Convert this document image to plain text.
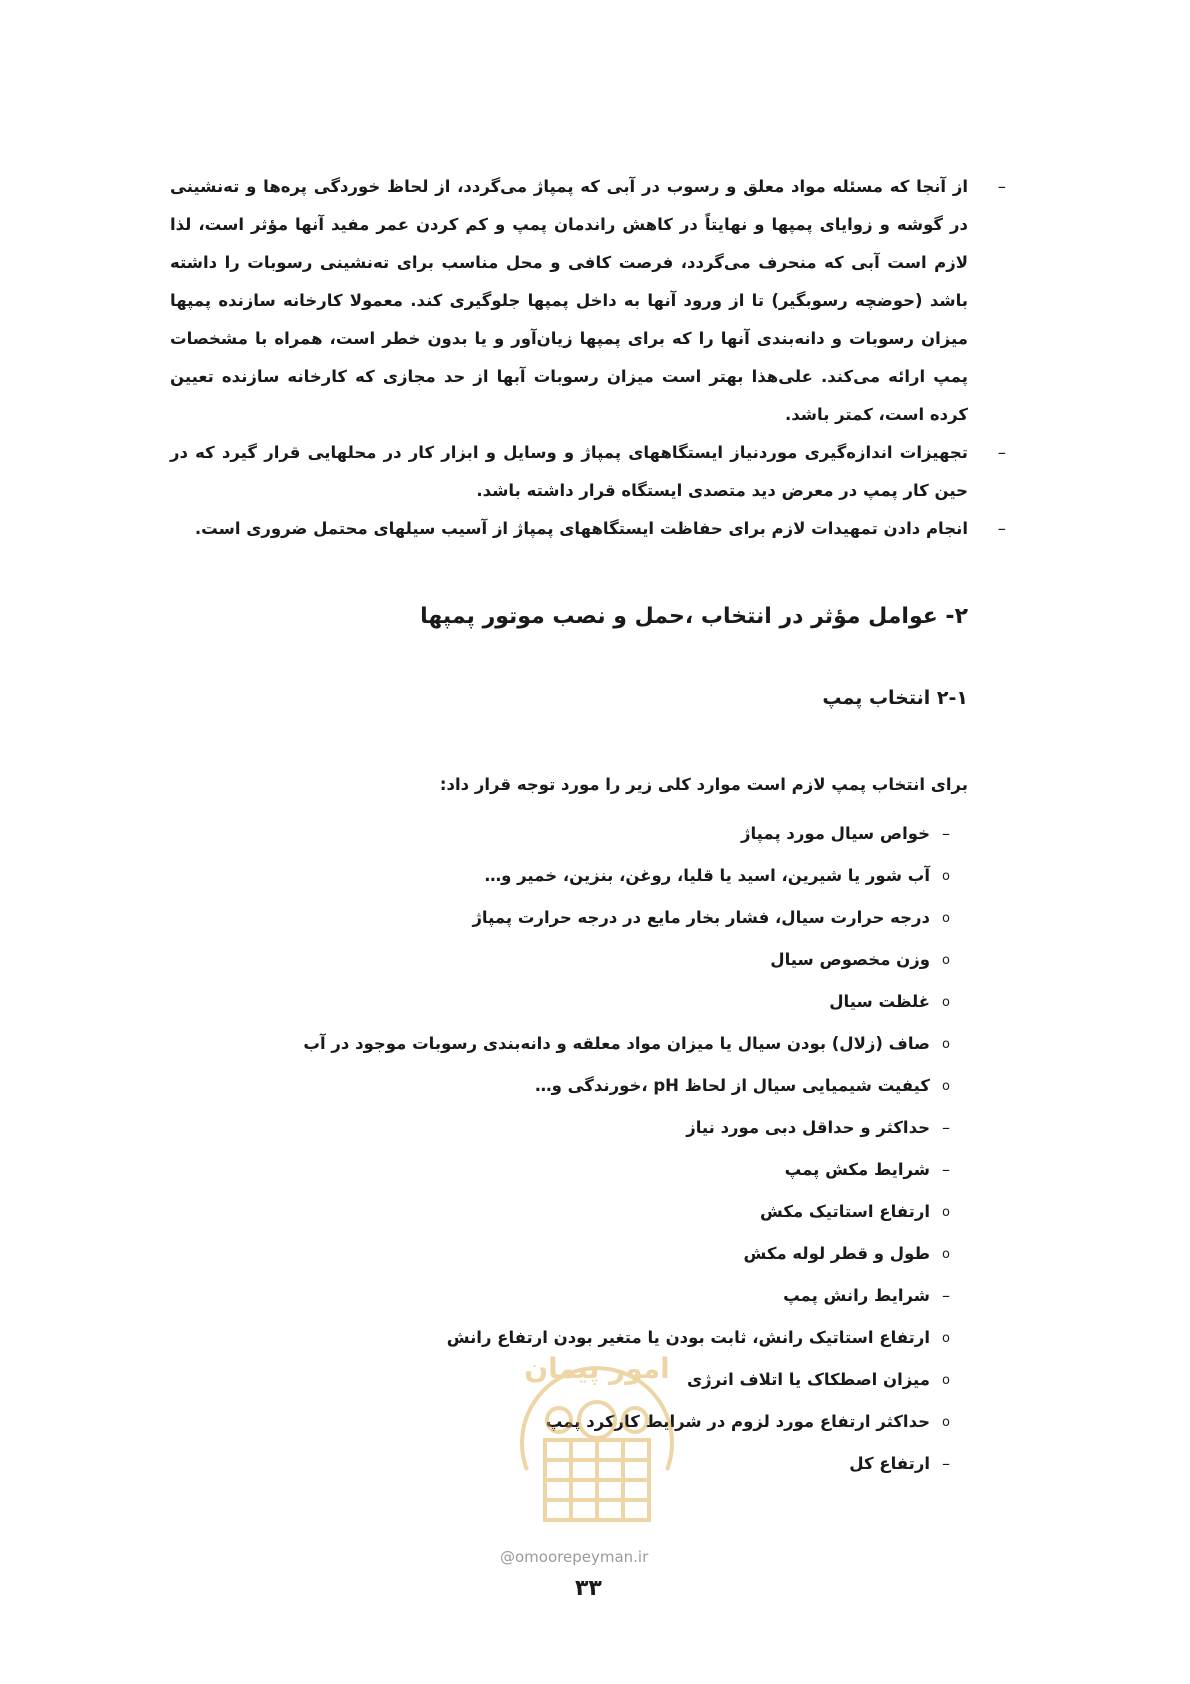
–
از آنجا که مسئله مواد معلق و رسوب در آبی که پمپاژ می‌گردد، از لحاظ خوردگی پره‌ها و ته‌نشینی در گوشه و زوایای پمپها و نهایتاً در کاهش راندمان پمپ و کم کردن عمر مفید آنها مؤثر است، لذا لازم است آبی که منحرف می‌گردد، فرصت کافی و محل مناسب برای ته‌نشینی رسوبات را داشته باشد (حوضچه رسوبگیر) تا از ورود آنها به داخل پمپها جلوگیری کند. معمولا کارخانه سازنده پمپها میزان رسوبات و دانه‌بندی آنها را که برای پمپها زیان‌آور و یا بدون خطر است، همراه با مشخصات پمپ ارائه می‌کند. علی‌هذا بهتر است میزان رسوبات آبها از حد مجازی که کارخانه سازنده تعیین کرده است، کمتر باشد.
–
تجهیزات اندازه‌گیری موردنیاز ایستگاههای پمپاژ و وسایل و ابزار کار در محلهایی قرار گیرد که در حین کار پمپ در معرض دید متصدی ایستگاه قرار داشته باشد.
–
انجام دادن تمهیدات لازم برای حفاظت ایستگاههای پمپاژ از آسیب سیلهای محتمل ضروری است.
۲- عوامل مؤثر در انتخاب ،حمل و نصب موتور پمپها
۲-۱ انتخاب پمپ

برای انتخاب پمپ لازم است موارد کلی زیر را مورد توجه قرار داد:

–
خواص سیال مورد پمپاژ
ο
آب شور یا شیرین، اسید یا قلیا، روغن، بنزین، خمیر و…
ο
درجه حرارت سیال، فشار بخار مایع در درجه حرارت پمپاژ
ο
وزن مخصوص سیال
ο
غلظت سیال
ο
صاف (زلال) بودن سیال یا میزان مواد معلقه و دانه‌بندی رسوبات موجود در آب
ο
کیفیت شیمیایی سیال از لحاظ pH ،خورندگی و…
–
حداکثر و حداقل دبی مورد نیاز
–
شرایط مکش پمپ
ο
ارتفاع استاتیک مکش
ο
طول و قطر لوله مکش
–
شرایط رانش پمپ
ο
ارتفاع استاتیک رانش، ثابت بودن یا متغیر بودن ارتفاع رانش
ο
میزان اصطکاک یا اتلاف انرژی
ο
حداکثر ارتفاع مورد لزوم در شرایط کارکرد پمپ
–
ارتفاع کل
امور پیمان
@omoorepeyman.ir
۳۳
